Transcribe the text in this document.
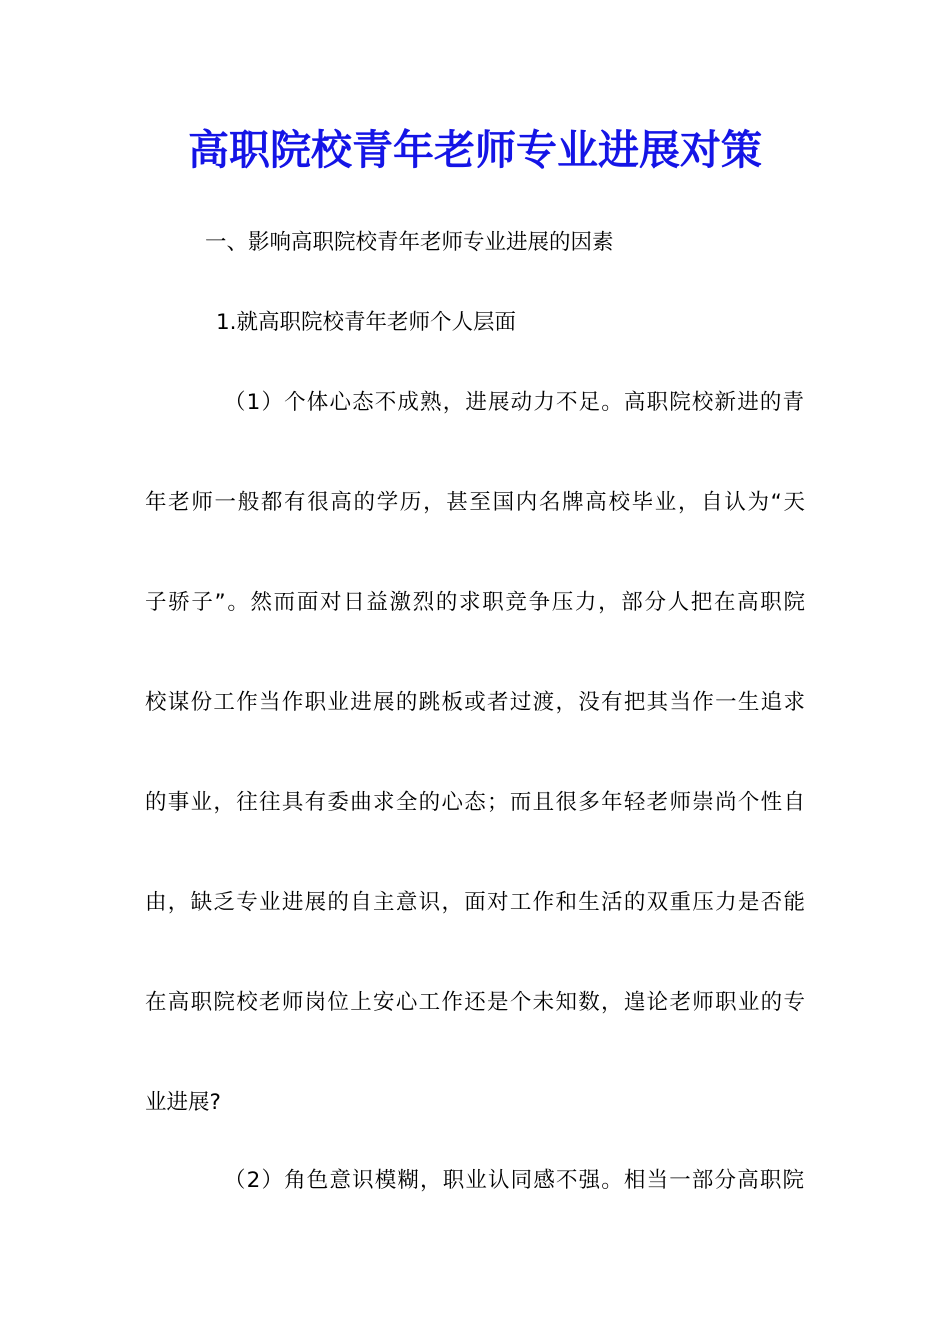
高职院校青年老师专业进展对策

一、影响高职院校青年老师专业进展的因素

1.就高职院校青年老师个人层面

（1）个体心态不成熟，进展动力不足。高职院校新进的青

年老师一般都有很高的学历，甚至国内名牌高校毕业，自认为“天

子骄子”。然而面对日益激烈的求职竞争压力，部分人把在高职院

校谋份工作当作职业进展的跳板或者过渡，没有把其当作一生追求

的事业，往往具有委曲求全的心态；而且很多年轻老师崇尚个性自

由，缺乏专业进展的自主意识，面对工作和生活的双重压力是否能

在高职院校老师岗位上安心工作还是个未知数，遑论老师职业的专

业进展?

（2）角色意识模糊，职业认同感不强。相当一部分高职院
